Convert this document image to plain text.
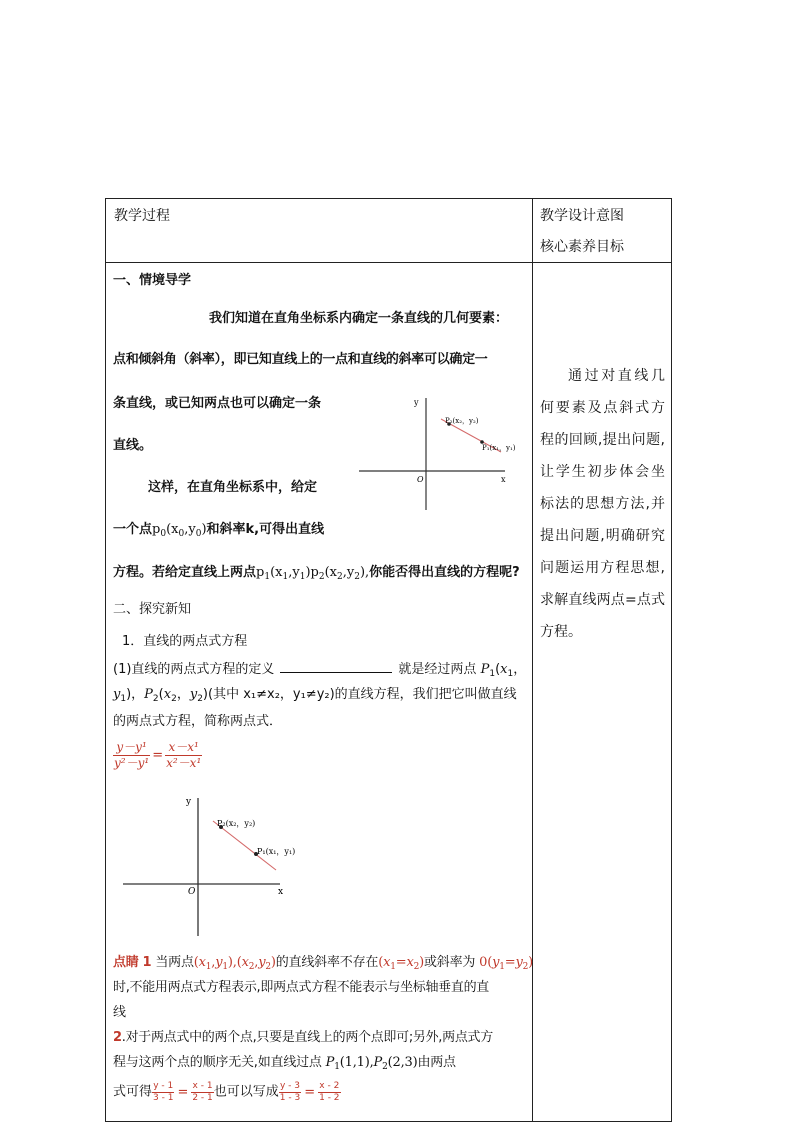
教学过程	教学设计意图
核心素养目标
一、情境导学
我们知道在直角坐标系内确定一条直线的几何要素：
点和倾斜角（斜率），即已知直线上的一点和直线的斜率可以确定一
条直线，或已知两点也可以确定一条
直线。
这样，在直角坐标系中，给定
一个点$p_0(x_0,y_0)$和斜率k,可得出直线
方程。若给定直线上两点$p_1(x_1,y_1)p_2(x_2,y_2)$,你能否得出直线的方程呢?
y
x
O
P₂(x₂，y₂)
P₁(x₁，y₁)
二、探究新知
1．直线的两点式方程
(1)直线的两点式方程的定义	就是经过两点 $P_1(x_1$，
$y_1$)，$P_2(x_2$，$y_2$)(其中 x₁≠x₂，y₁≠y₂)的直线方程，我们把它叫做直线
的两点式方程，简称两点式．
$\frac{\text{y－y¹}}{\text{y²－y¹}} = \frac{\text{x－x¹}}{\text{x²－x¹}}$
y
x
O
P₂(x₂，y₂)
P₁(x₁，y₁)
点睛 1 当两点$(x_1,y_1),(x_2,y_2)$的直线斜率不存在$(x_1=x_2)$或斜率为 $0(y_1=y_2)$
时,不能用两点式方程表示,即两点式方程不能表示与坐标轴垂直的直
线
2.对于两点式中的两个点,只要是直线上的两个点即可;另外,两点式方
程与这两个点的顺序无关,如直线过点 $P_1(1,1),P_2(2,3)$由两点
式可得 $\frac{y - 1}{3 - 1} = \frac{x - 1}{2 - 1}$ 也可以写成 $\frac{y - 3}{1 - 3} = \frac{x - 2}{1 - 2}$
通过对直线几何要素及点斜式方程的回顾,提出问题,让学生初步体会坐标法的思想方法,并提出问题,明确研究问题运用方程思想,求解直线两点=点式方程。
